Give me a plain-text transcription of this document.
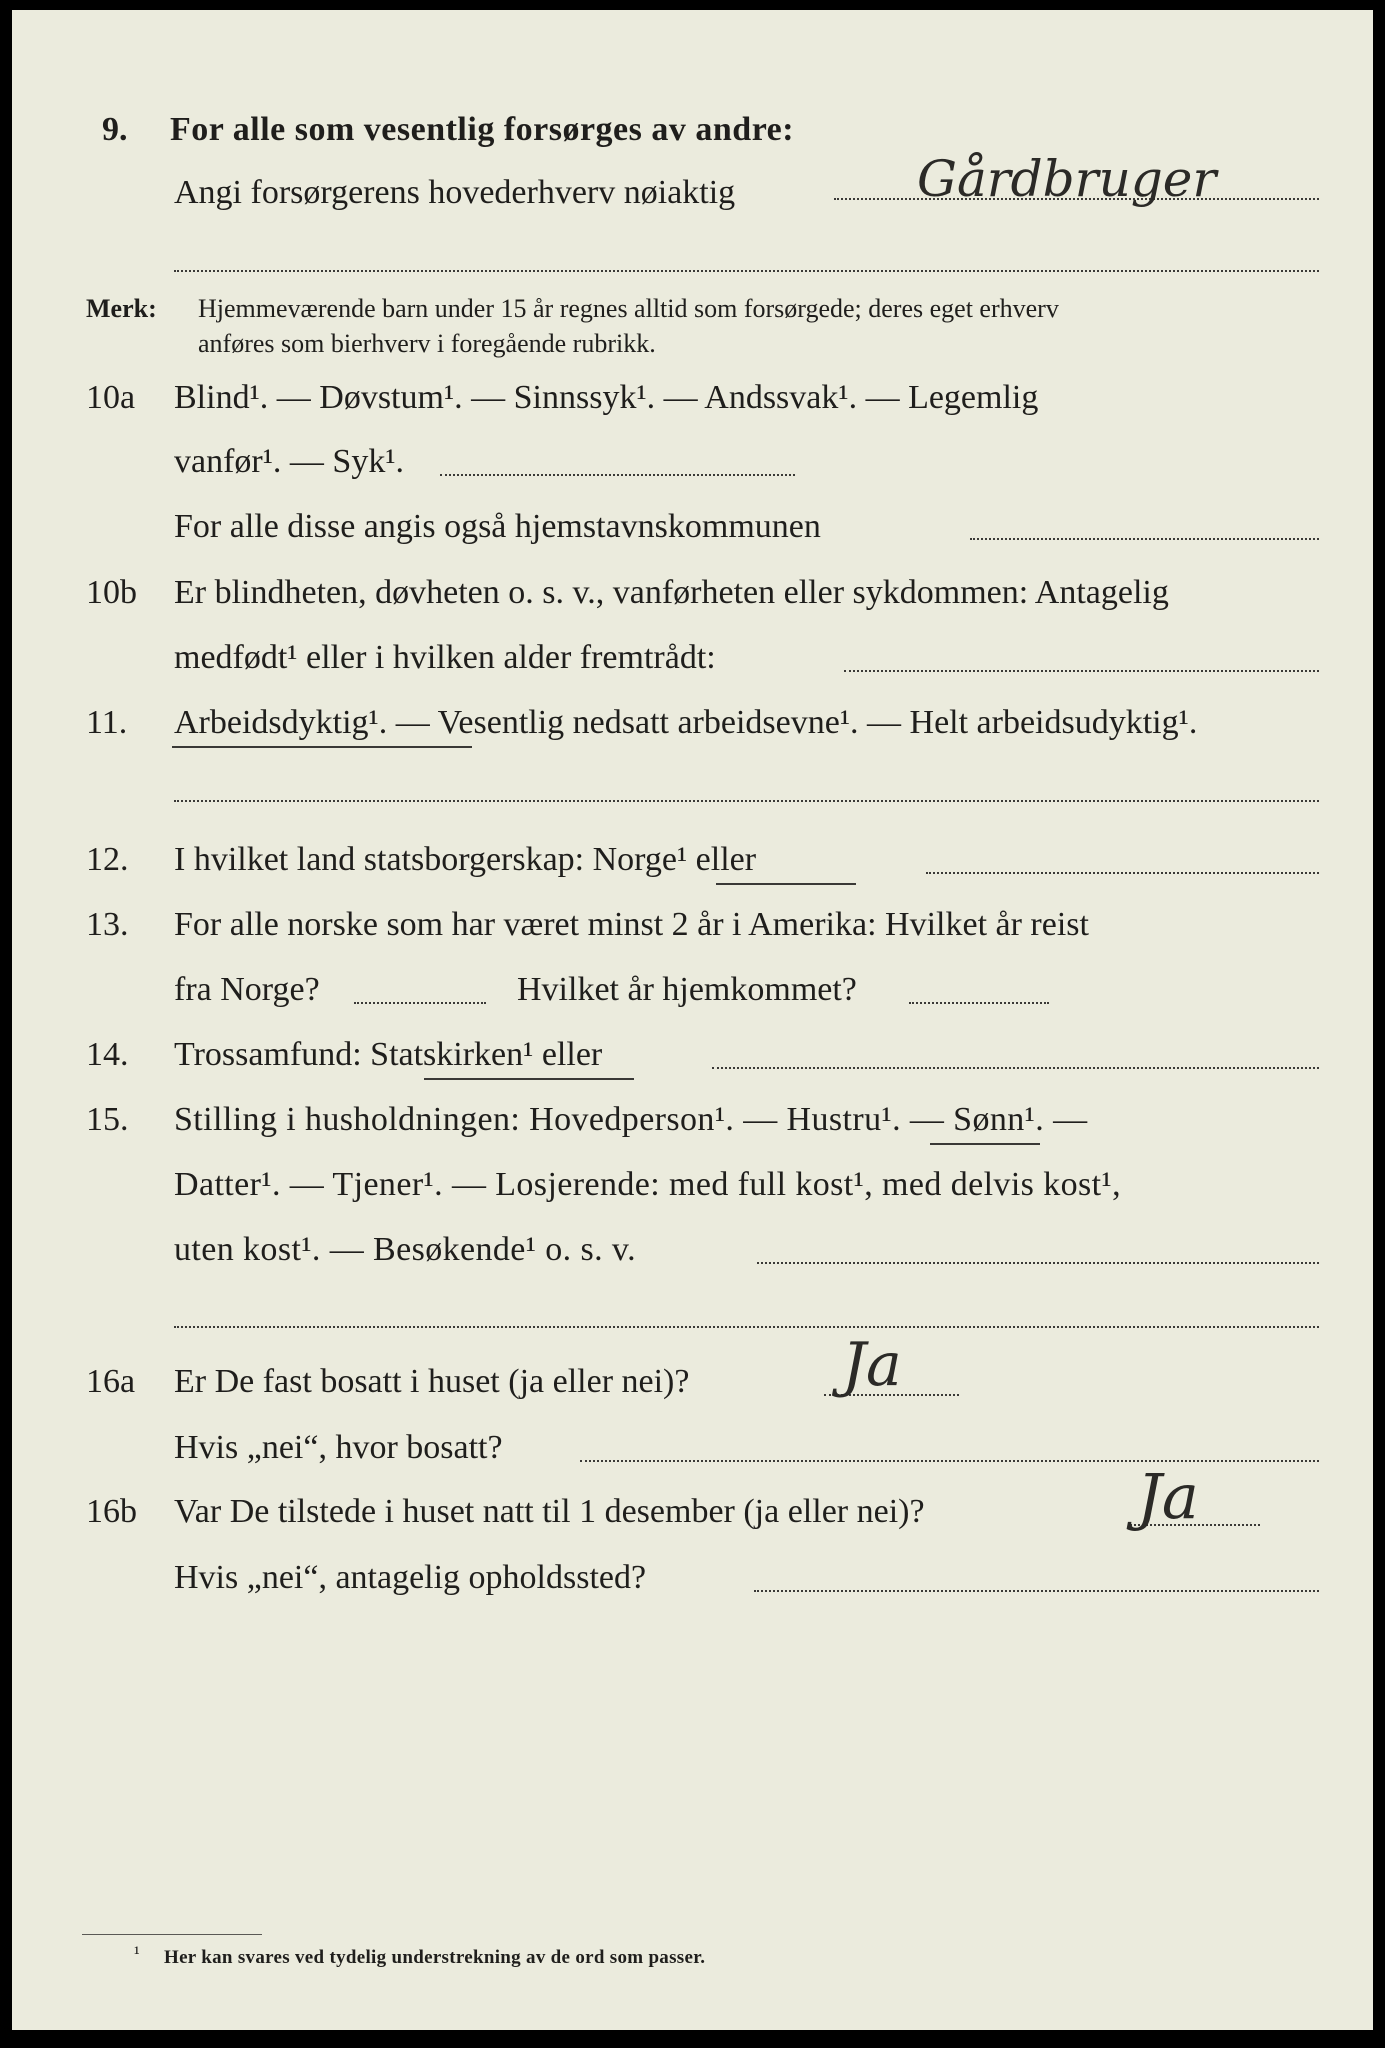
9. For alle som vesentlig forsørges av andre:
Angi forsørgerens hovederhverv nøiaktig	Gårdbruger
Merk: Hjemmeværende barn under 15 år regnes alltid som forsørgede; deres eget erhverv
anføres som bierhverv i foregående rubrikk.
10a Blind¹. — Døvstum¹. — Sinnssyk¹. — Andssvak¹. — Legemlig
vanfør¹. — Syk¹.
For alle disse angis også hjemstavnskommunen
10b Er blindheten, døvheten o. s. v., vanførheten eller sykdommen: Antagelig
medfødt¹ eller i hvilken alder fremtrådt:
11. Arbeidsdyktig¹. — Vesentlig nedsatt arbeidsevne¹. — Helt arbeidsudyktig¹.
12. I hvilket land statsborgerskap: Norge¹ eller
13. For alle norske som har været minst 2 år i Amerika: Hvilket år reist
fra Norge?	Hvilket år hjemkommet?
14. Trossamfund: Statskirken¹ eller
15. Stilling i husholdningen: Hovedperson¹. — Hustru¹. — Sønn¹. —
Datter¹. — Tjener¹. — Losjerende: med full kost¹, med delvis kost¹,
uten kost¹. — Besøkende¹ o. s. v.
16a Er De fast bosatt i huset (ja eller nei)?	Ja
Hvis „nei“, hvor bosatt?
16b Var De tilstede i huset natt til 1 desember (ja eller nei)?	Ja
Hvis „nei“, antagelig opholdssted?
¹ Her kan svares ved tydelig understrekning av de ord som passer.
